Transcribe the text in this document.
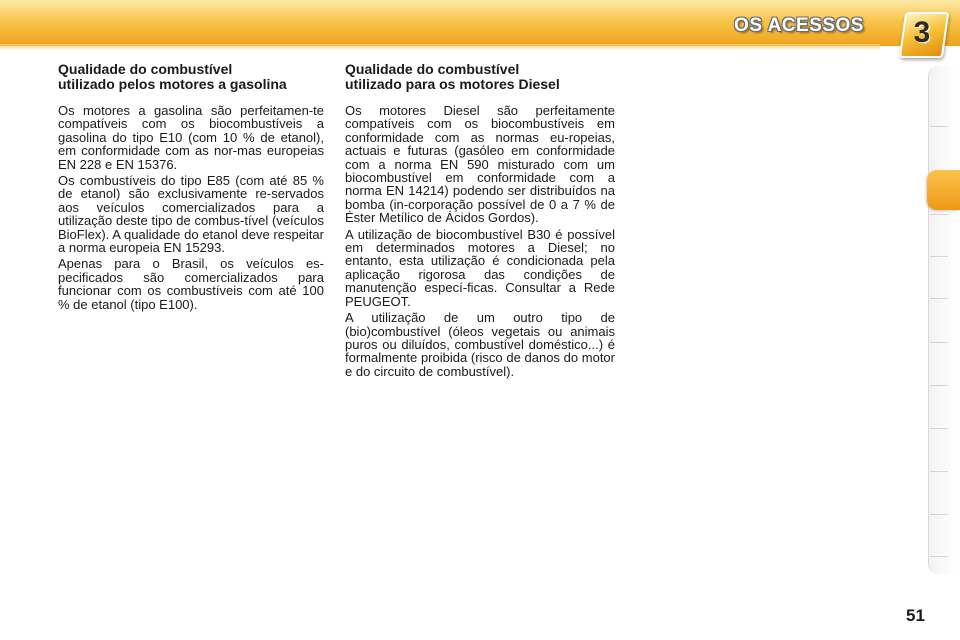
OS ACESSOS	3
Qualidade do combustível
utilizado pelos motores a gasolina

Os motores a gasolina são perfeitamen-te compatíveis com os biocombustíveis a gasolina do tipo E10 (com 10 % de etanol), em conformidade com as nor-mas europeias EN 228 e EN 15376.

Os combustíveis do tipo E85 (com até 85 % de etanol) são exclusivamente re-servados aos veículos comercializados para a utilização deste tipo de combus-tível (veículos BioFlex). A qualidade do etanol deve respeitar a norma europeia EN 15293.

Apenas para o Brasil, os veículos es-pecificados são comercializados para funcionar com os combustíveis com até 100 % de etanol (tipo E100).

Qualidade do combustível
utilizado para os motores Diesel

Os motores Diesel são perfeitamente compatíveis com os biocombustíveis em conformidade com as normas eu-ropeias, actuais e futuras (gasóleo em conformidade com a norma EN 590 misturado com um biocombustível em conformidade com a norma EN 14214) podendo ser distribuídos na bomba (in-corporação possível de 0 a 7 % de Éster Metílico de Ácidos Gordos).

A utilização de biocombustível B30 é possível em determinados motores a Diesel; no entanto, esta utilização é condicionada pela aplicação rigorosa das condições de manutenção especí-ficas. Consultar a Rede PEUGEOT.

A utilização de um outro tipo de (bio)combustível (óleos vegetais ou animais puros ou diluídos, combustível doméstico...) é formalmente proibida (risco de danos do motor e do circuito de combustível).

51
